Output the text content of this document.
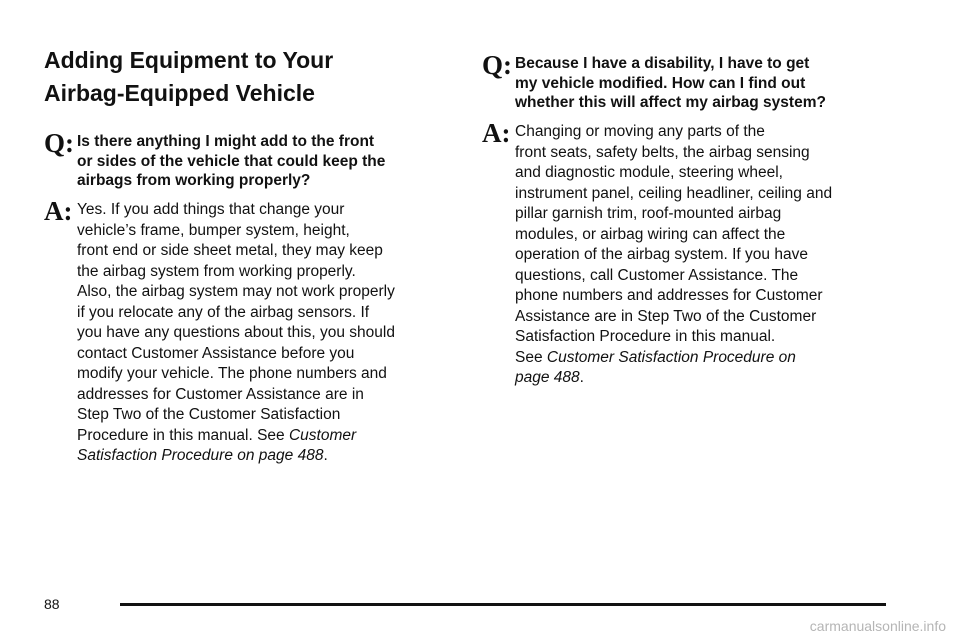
Adding Equipment to Your
Airbag-Equipped Vehicle
Q: Is there anything I might add to the front
or sides of the vehicle that could keep the
airbags from working properly?
A: Yes. If you add things that change your
vehicle’s frame, bumper system, height,
front end or side sheet metal, they may keep
the airbag system from working properly.
Also, the airbag system may not work properly
if you relocate any of the airbag sensors. If
you have any questions about this, you should
contact Customer Assistance before you
modify your vehicle. The phone numbers and
addresses for Customer Assistance are in
Step Two of the Customer Satisfaction
Procedure in this manual. See Customer
Satisfaction Procedure on page 488.
Q: Because I have a disability, I have to get
my vehicle modified. How can I find out
whether this will affect my airbag system?
A: Changing or moving any parts of the
front seats, safety belts, the airbag sensing
and diagnostic module, steering wheel,
instrument panel, ceiling headliner, ceiling and
pillar garnish trim, roof-mounted airbag
modules, or airbag wiring can affect the
operation of the airbag system. If you have
questions, call Customer Assistance. The
phone numbers and addresses for Customer
Assistance are in Step Two of the Customer
Satisfaction Procedure in this manual.
See Customer Satisfaction Procedure on
page 488.
88
carmanualsonline.info
